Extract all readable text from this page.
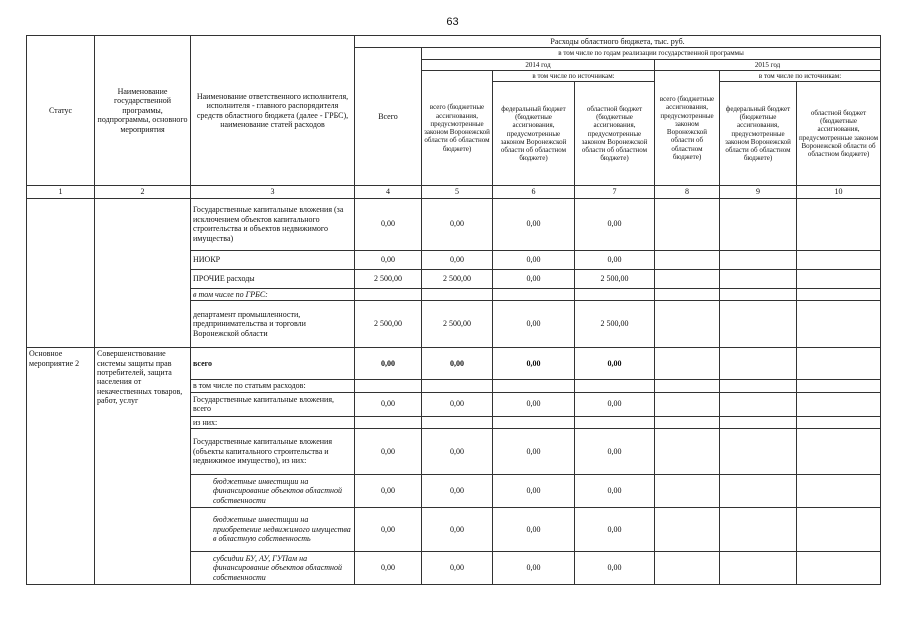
63
Статус	Наименование государственной программы, подпрограммы, основного мероприятия	Наименование ответственного исполнителя, исполнителя - главного распорядителя средств областного бюджета (далее - ГРБС), наименование статей расходов	Расходы областного бюджета, тыс. руб.						
			Всего	в том числе по годам реализации государственной программы					
				2014 год			2015 год		
				всего (бюджетные ассигнования, предусмотренные законом Воронежской области об областном бюджете)	в том числе по источникам:		всего (бюджетные ассигнования, предусмотренные законом Воронежской области об областном бюджете)	в том числе по источникам:	
					федеральный бюджет (бюджетные ассигнования, предусмотренные законом Воронежской области об областном бюджете)	областной бюджет (бюджетные ассигнования, предусмотренные законом Воронежской области об областном бюджете)		федеральный бюджет (бюджетные ассигнования, предусмотренные законом Воронежской области об областном бюджете)	областной бюджет (бюджетные ассигнования, предусмотренные законом Воронежской области об областном бюджете)
1	2	3	4	5	6	7	8	9	10
		Государственные капитальные вложения (за исключением объектов капитального строительства и объектов недвижимого имущества)	0,00	0,00	0,00	0,00			
		НИОКР	0,00	0,00	0,00	0,00			
		ПРОЧИЕ расходы	2 500,00	2 500,00	0,00	2 500,00			
		в том числе по ГРБС:							
		департамент промышленности, предпринимательства и торговли Воронежской области	2 500,00	2 500,00	0,00	2 500,00			
Основное мероприятие 2	Совершенствование системы защиты прав потребителей, защита населения от некачественных товаров, работ, услуг	всего	0,00	0,00	0,00	0,00			
		в том числе по статьям расходов:							
		Государственные капитальные вложения, всего	0,00	0,00	0,00	0,00			
		из них:							
		Государственные капитальные вложения (объекты капитального строительства и недвижимое имущество), из них:	0,00	0,00	0,00	0,00			
		бюджетные инвестиции на финансирование объектов областной собственности	0,00	0,00	0,00	0,00			
		бюджетные инвестиции на приобретение недвижимого имущества в областную собственность	0,00	0,00	0,00	0,00			
		субсидии БУ, АУ, ГУПам на финансирование объектов областной собственности	0,00	0,00	0,00	0,00			
